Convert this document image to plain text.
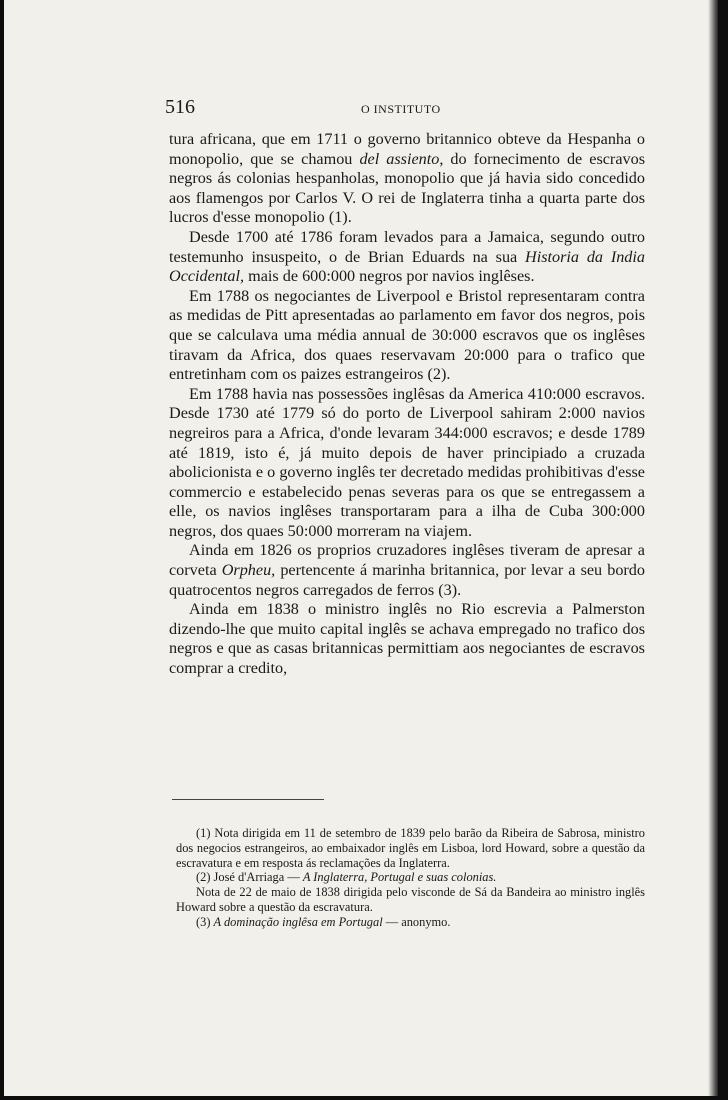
516	O INSTITUTO

tura africana, que em 1711 o governo britannico obteve da Hespanha o monopolio, que se chamou del assiento, do fornecimento de escravos negros ás colonias hespanholas, monopolio que já havia sido concedido aos flamengos por Carlos V. O rei de Inglaterra tinha a quarta parte dos lucros d'esse monopolio (1).

Desde 1700 até 1786 foram levados para a Jamaica, segundo outro testemunho insuspeito, o de Brian Eduards na sua Historia da India Occidental, mais de 600:000 negros por navios inglêses.

Em 1788 os negociantes de Liverpool e Bristol representaram contra as medidas de Pitt apresentadas ao parlamento em favor dos negros, pois que se calculava uma média annual de 30:000 escravos que os inglêses tiravam da Africa, dos quaes reservavam 20:000 para o trafico que entretinham com os paizes estrangeiros (2).

Em 1788 havia nas possessões inglêsas da America 410:000 escravos. Desde 1730 até 1779 só do porto de Liverpool sahiram 2:000 navios negreiros para a Africa, d'onde levaram 344:000 escravos; e desde 1789 até 1819, isto é, já muito depois de haver principiado a cruzada abolicionista e o governo inglês ter decretado medidas prohibitivas d'esse commercio e estabelecido penas severas para os que se entregassem a elle, os navios inglêses transportaram para a ilha de Cuba 300:000 negros, dos quaes 50:000 morreram na viajem.

Ainda em 1826 os proprios cruzadores inglêses tiveram de apresar a corveta Orpheu, pertencente á marinha britannica, por levar a seu bordo quatrocentos negros carregados de ferros (3).

Ainda em 1838 o ministro inglês no Rio escrevia a Palmerston dizendo-lhe que muito capital inglês se achava empregado no trafico dos negros e que as casas britannicas permittiam aos negociantes de escravos comprar a credito,

(1) Nota dirigida em 11 de setembro de 1839 pelo barão da Ribeira de Sabrosa, ministro dos negocios estrangeiros, ao embaixador inglês em Lisboa, lord Howard, sobre a questão da escravatura e em resposta ás reclamações da Inglaterra.

(2) José d'Arriaga — A Inglaterra, Portugal e suas colonias.

Nota de 22 de maio de 1838 dirigida pelo visconde de Sá da Bandeira ao ministro inglês Howard sobre a questão da escravatura.

(3) A dominação inglêsa em Portugal — anonymo.
